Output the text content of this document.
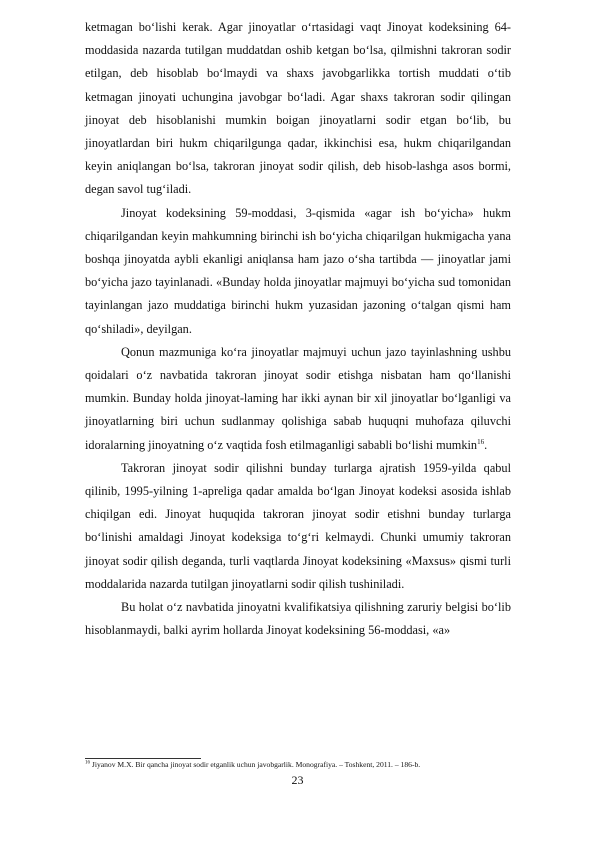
ketmagan bo‘lishi kerak. Agar jinoyatlar o‘rtasidagi vaqt Jinoyat kodeksining 64-moddasida nazarda tutilgan muddatdan oshib ketgan bo‘lsa, qilmishni takroran sodir etilgan, deb hisoblab bo‘lmaydi va shaxs javobgarlikka tortish muddati o‘tib ketmagan jinoyati uchungina javobgar bo‘ladi. Agar shaxs takroran sodir qilingan jinoyat deb hisoblanishi mumkin boigan jinoyatlarni sodir etgan bo‘lib, bu jinoyatlardan biri hukm chiqarilgunga qadar, ikkinchisi esa, hukm chiqarilgandan keyin aniqlangan bo‘lsa, takroran jinoyat sodir qilish, deb hisob-lashga asos bormi, degan savol tug‘iladi.

Jinoyat kodeksining 59-moddasi, 3-qismida «agar ish bo‘yicha» hukm chiqarilgandan keyin mahkumning birinchi ish bo‘yicha chiqarilgan hukmigacha yana boshqa jinoyatda aybli ekanligi aniqlansa ham jazo o‘sha tartibda — jinoyatlar jami bo‘yicha jazo tayinlanadi. «Bunday holda jinoyatlar majmuyi bo‘yicha sud tomonidan tayinlangan jazo muddatiga birinchi hukm yuzasidan jazoning o‘talgan qismi ham qo‘shiladi», deyilgan.

Qonun mazmuniga ko‘ra jinoyatlar majmuyi uchun jazo tayinlashning ushbu qoidalari o‘z navbatida takroran jinoyat sodir etishga nisbatan ham qo‘llanishi mumkin. Bunday holda jinoyat-laming har ikki aynan bir xil jinoyatlar bo‘lganligi va jinoyatlarning biri uchun sudlanmay qolishiga sabab huquqni muhofaza qiluvchi idoralarning jinoyatning o‘z vaqtida fosh etilmaganligi sababli bo‘lishi mumkin$^{16}$.

Takroran jinoyat sodir qilishni bunday turlarga ajratish 1959-yilda qabul qilinib, 1995-yilning 1-apreliga qadar amalda bo‘lgan Jinoyat kodeksi asosida ishlab chiqilgan edi. Jinoyat huquqida takroran jinoyat sodir etishni bunday turlarga bo‘linishi amaldagi Jinoyat kodeksiga to‘g‘ri kelmaydi. Chunki umumiy takroran jinoyat sodir qilish deganda, turli vaqtlarda Jinoyat kodeksining «Maxsus» qismi turli moddalarida nazarda tutilgan jinoyatlarni sodir qilish tushiniladi.

Bu holat o‘z navbatida jinoyatni kvalifikatsiya qilishning zaruriy belgisi bo‘lib hisoblanmaydi, balki ayrim hollarda Jinoyat kodeksining 56-moddasi, «a»

$^{16}$ Jiyanov M.X. Bir qancha jinoyat sodir etganlik uchun javobgarlik. Monografiya. – Toshkent, 2011. – 186-b.
23
